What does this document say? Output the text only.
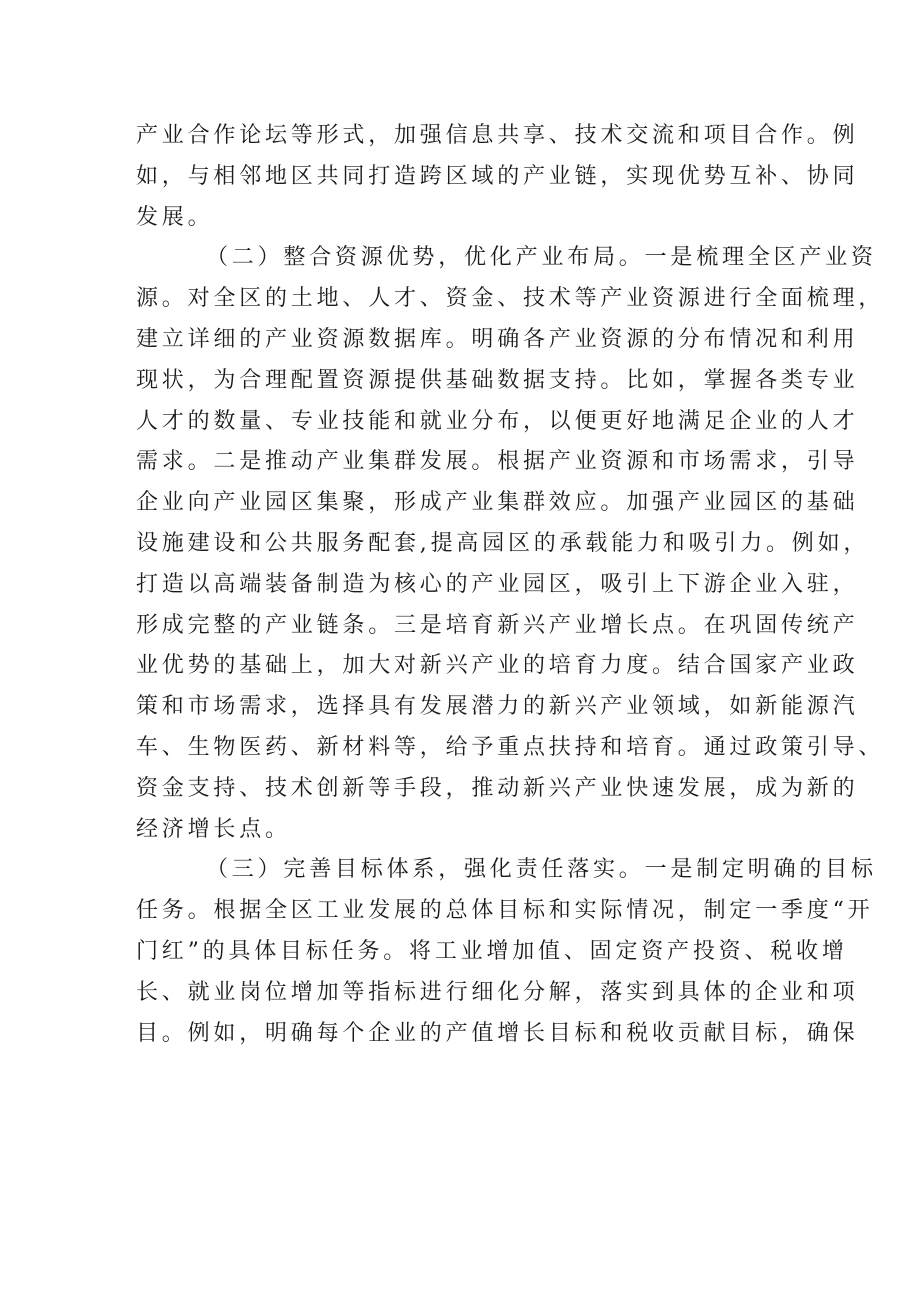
产业合作论坛等形式，加强信息共享、技术交流和项目合作。例
如，与相邻地区共同打造跨区域的产业链，实现优势互补、协同
发展。
（二）整合资源优势，优化产业布局。一是梳理全区产业资
源。对全区的土地、人才、资金、技术等产业资源进行全面梳理，
建立详细的产业资源数据库。明确各产业资源的分布情况和利用
现状，为合理配置资源提供基础数据支持。比如，掌握各类专业
人才的数量、专业技能和就业分布，以便更好地满足企业的人才
需求。二是推动产业集群发展。根据产业资源和市场需求，引导
企业向产业园区集聚，形成产业集群效应。加强产业园区的基础
设施建设和公共服务配套,提高园区的承载能力和吸引力。例如，
打造以高端装备制造为核心的产业园区，吸引上下游企业入驻，
形成完整的产业链条。三是培育新兴产业增长点。在巩固传统产
业优势的基础上，加大对新兴产业的培育力度。结合国家产业政
策和市场需求，选择具有发展潜力的新兴产业领域，如新能源汽
车、生物医药、新材料等，给予重点扶持和培育。通过政策引导、
资金支持、技术创新等手段，推动新兴产业快速发展，成为新的
经济增长点。
（三）完善目标体系，强化责任落实。一是制定明确的目标
任务。根据全区工业发展的总体目标和实际情况，制定一季度“开
门红”的具体目标任务。将工业增加值、固定资产投资、税收增
长、就业岗位增加等指标进行细化分解，落实到具体的企业和项
目。例如，明确每个企业的产值增长目标和税收贡献目标，确保
